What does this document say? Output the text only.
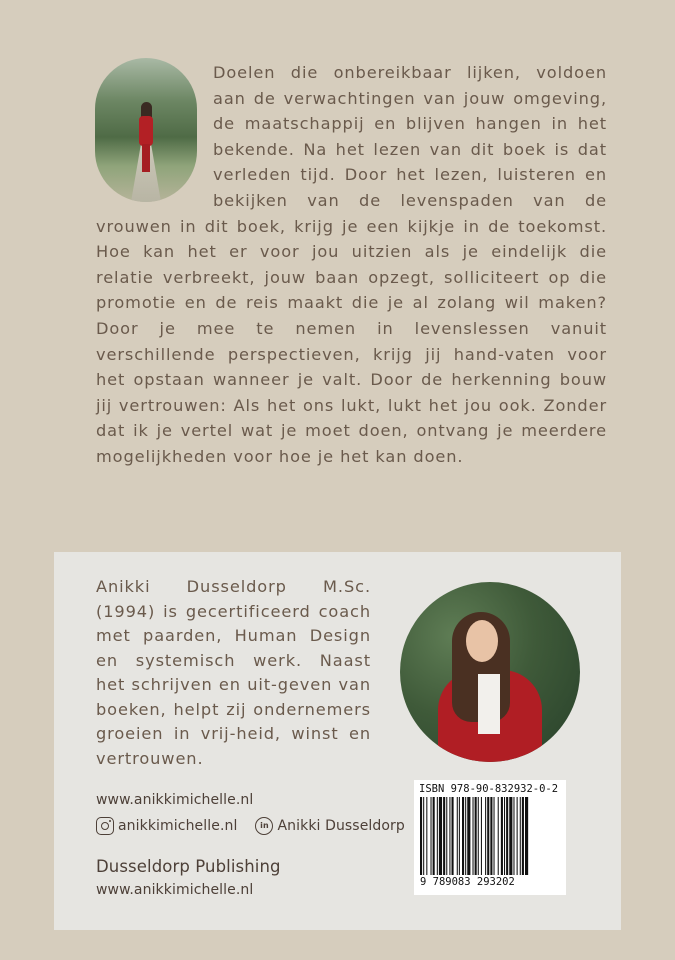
Doelen die onbereikbaar lijken, voldoen aan de verwachtingen van jouw omgeving, de maatschappij en blijven hangen in het bekende. Na het lezen van dit boek is dat verleden tijd. Door het lezen, luisteren en bekijken van de levenspaden van de vrouwen in dit boek, krijg je een kijkje in de toekomst. Hoe kan het er voor jou uitzien als je eindelijk die relatie verbreekt, jouw baan opzegt, solliciteert op die promotie en de reis maakt die je al zolang wil maken? Door je mee te nemen in levenslessen vanuit verschillende perspectieven, krijg jij hand-vaten voor het opstaan wanneer je valt. Door de herkenning bouw jij vertrouwen: Als het ons lukt, lukt het jou ook. Zonder dat ik je vertel wat je moet doen, ontvang je meerdere mogelijkheden voor hoe je het kan doen.

Anikki Dusseldorp M.Sc. (1994) is gecertificeerd coach met paarden, Human Design en systemisch werk. Naast het schrijven en uit-geven van boeken, helpt zij ondernemers groeien in vrij-heid, winst en vertrouwen.

www.anikkimichelle.nl
anikkimichelle.nl	in Anikki Dusseldorp
Dusseldorp Publishing
www.anikkimichelle.nl
ISBN 978-90-832932-0-2
9 789083 293202
